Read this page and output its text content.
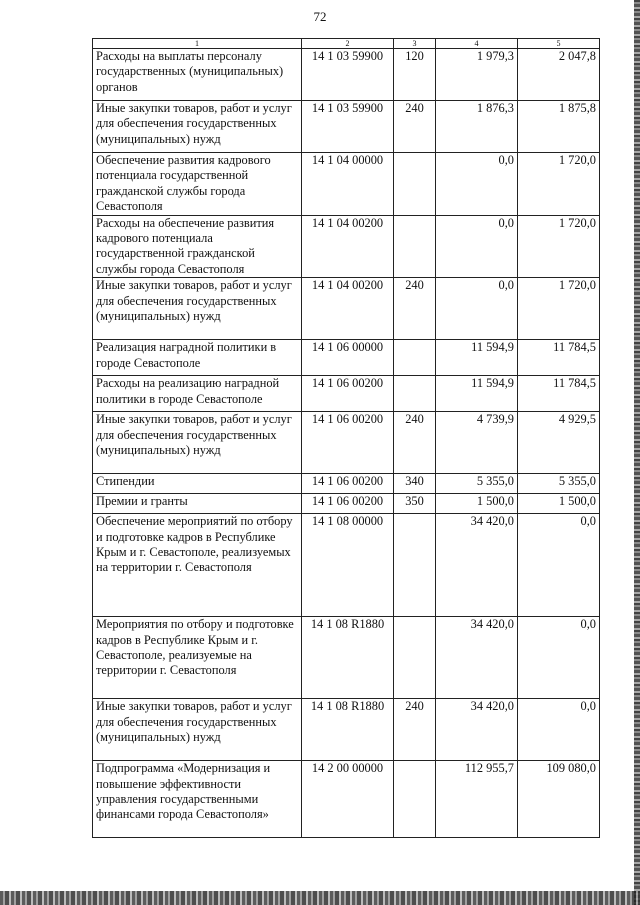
72
1	2	3	4	5
Расходы на выплаты персоналу государственных (муниципальных) органов	14 1 03 59900	120	1 979,3	2 047,8
Иные закупки товаров, работ и услуг для обеспечения государственных (муниципальных) нужд	14 1 03 59900	240	1 876,3	1 875,8
Обеспечение развития кадрового потенциала государственной гражданской службы города Севастополя	14 1 04 00000		0,0	1 720,0
Расходы на обеспечение развития кадрового потенциала государственной гражданской службы города Севастополя	14 1 04 00200		0,0	1 720,0
Иные закупки товаров, работ и услуг для обеспечения государственных (муниципальных) нужд	14 1 04 00200	240	0,0	1 720,0
Реализация наградной политики в городе Севастополе	14 1 06 00000		11 594,9	11 784,5
Расходы на реализацию наградной политики в городе Севастополе	14 1 06 00200		11 594,9	11 784,5
Иные закупки товаров, работ и услуг для обеспечения государственных (муниципальных) нужд	14 1 06 00200	240	4 739,9	4 929,5
Стипендии	14 1 06 00200	340	5 355,0	5 355,0
Премии и гранты	14 1 06 00200	350	1 500,0	1 500,0
Обеспечение мероприятий по отбору и подготовке кадров в Республике Крым и г. Севастополе, реализуемых на территории г. Севастополя	14 1 08 00000		34 420,0	0,0
Мероприятия по отбору и подготовке кадров в Республике Крым и г. Севастополе, реализуемые на территории г. Севастополя	14 1 08 R1880		34 420,0	0,0
Иные закупки товаров, работ и услуг для обеспечения государственных (муниципальных) нужд	14 1 08 R1880	240	34 420,0	0,0
Подпрограмма «Модернизация и повышение эффективности управления государственными финансами города Севастополя»	14 2 00 00000		112 955,7	109 080,0
